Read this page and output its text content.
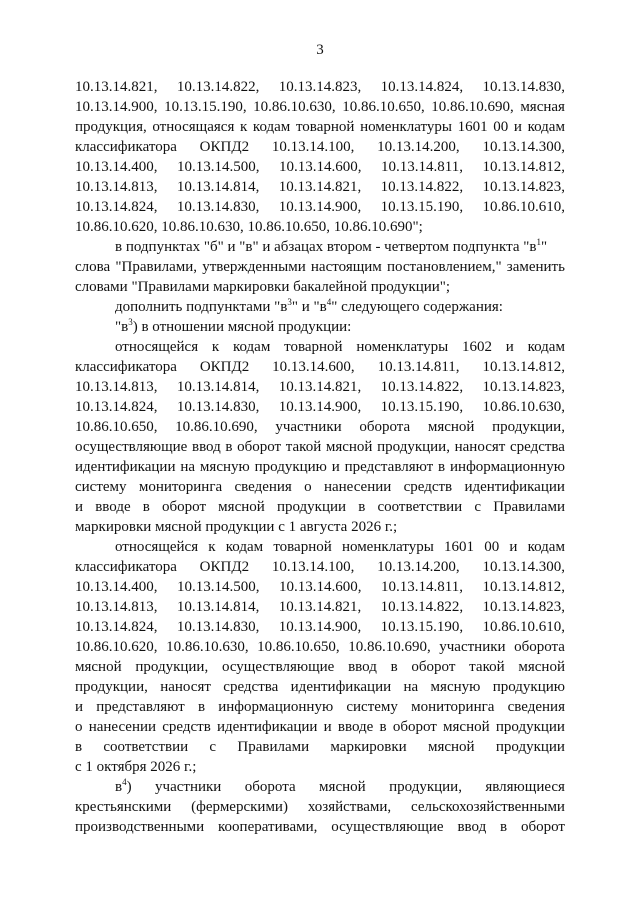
3
10.13.14.821, 10.13.14.822, 10.13.14.823, 10.13.14.824, 10.13.14.830,
10.13.14.900, 10.13.15.190, 10.86.10.630, 10.86.10.650, 10.86.10.690, мясная
продукция, относящаяся к кодам товарной номенклатуры 1601 00 и кодам
классификатора ОКПД2 10.13.14.100, 10.13.14.200, 10.13.14.300,
10.13.14.400, 10.13.14.500, 10.13.14.600, 10.13.14.811, 10.13.14.812,
10.13.14.813, 10.13.14.814, 10.13.14.821, 10.13.14.822, 10.13.14.823,
10.13.14.824, 10.13.14.830, 10.13.14.900, 10.13.15.190, 10.86.10.610,
10.86.10.620, 10.86.10.630, 10.86.10.650, 10.86.10.690";
в подпунктах "б" и "в" и абзацах втором - четвертом подпункта "$в^1$"
слова "Правилами, утвержденными настоящим постановлением," заменить
словами "Правилами маркировки бакалейной продукции";
дополнить подпунктами "$в^3$" и "$в^4$" следующего содержания:
"$в^3$) в отношении мясной продукции:
относящейся к кодам товарной номенклатуры 1602 и кодам
классификатора ОКПД2 10.13.14.600, 10.13.14.811, 10.13.14.812,
10.13.14.813, 10.13.14.814, 10.13.14.821, 10.13.14.822, 10.13.14.823,
10.13.14.824, 10.13.14.830, 10.13.14.900, 10.13.15.190, 10.86.10.630,
10.86.10.650, 10.86.10.690, участники оборота мясной продукции,
осуществляющие ввод в оборот такой мясной продукции, наносят средства
идентификации на мясную продукцию и представляют в информационную
систему мониторинга сведения о нанесении средств идентификации
и вводе в оборот мясной продукции в соответствии с Правилами
маркировки мясной продукции с 1 августа 2026 г.;
относящейся к кодам товарной номенклатуры 1601 00 и кодам
классификатора ОКПД2 10.13.14.100, 10.13.14.200, 10.13.14.300,
10.13.14.400, 10.13.14.500, 10.13.14.600, 10.13.14.811, 10.13.14.812,
10.13.14.813, 10.13.14.814, 10.13.14.821, 10.13.14.822, 10.13.14.823,
10.13.14.824, 10.13.14.830, 10.13.14.900, 10.13.15.190, 10.86.10.610,
10.86.10.620, 10.86.10.630, 10.86.10.650, 10.86.10.690, участники оборота
мясной продукции, осуществляющие ввод в оборот такой мясной
продукции, наносят средства идентификации на мясную продукцию
и представляют в информационную систему мониторинга сведения
о нанесении средств идентификации и вводе в оборот мясной продукции
в соответствии с Правилами маркировки мясной продукции
с 1 октября 2026 г.;
$в^4$) участники оборота мясной продукции, являющиеся
крестьянскими (фермерскими) хозяйствами, сельскохозяйственными
производственными кооперативами, осуществляющие ввод в оборот
